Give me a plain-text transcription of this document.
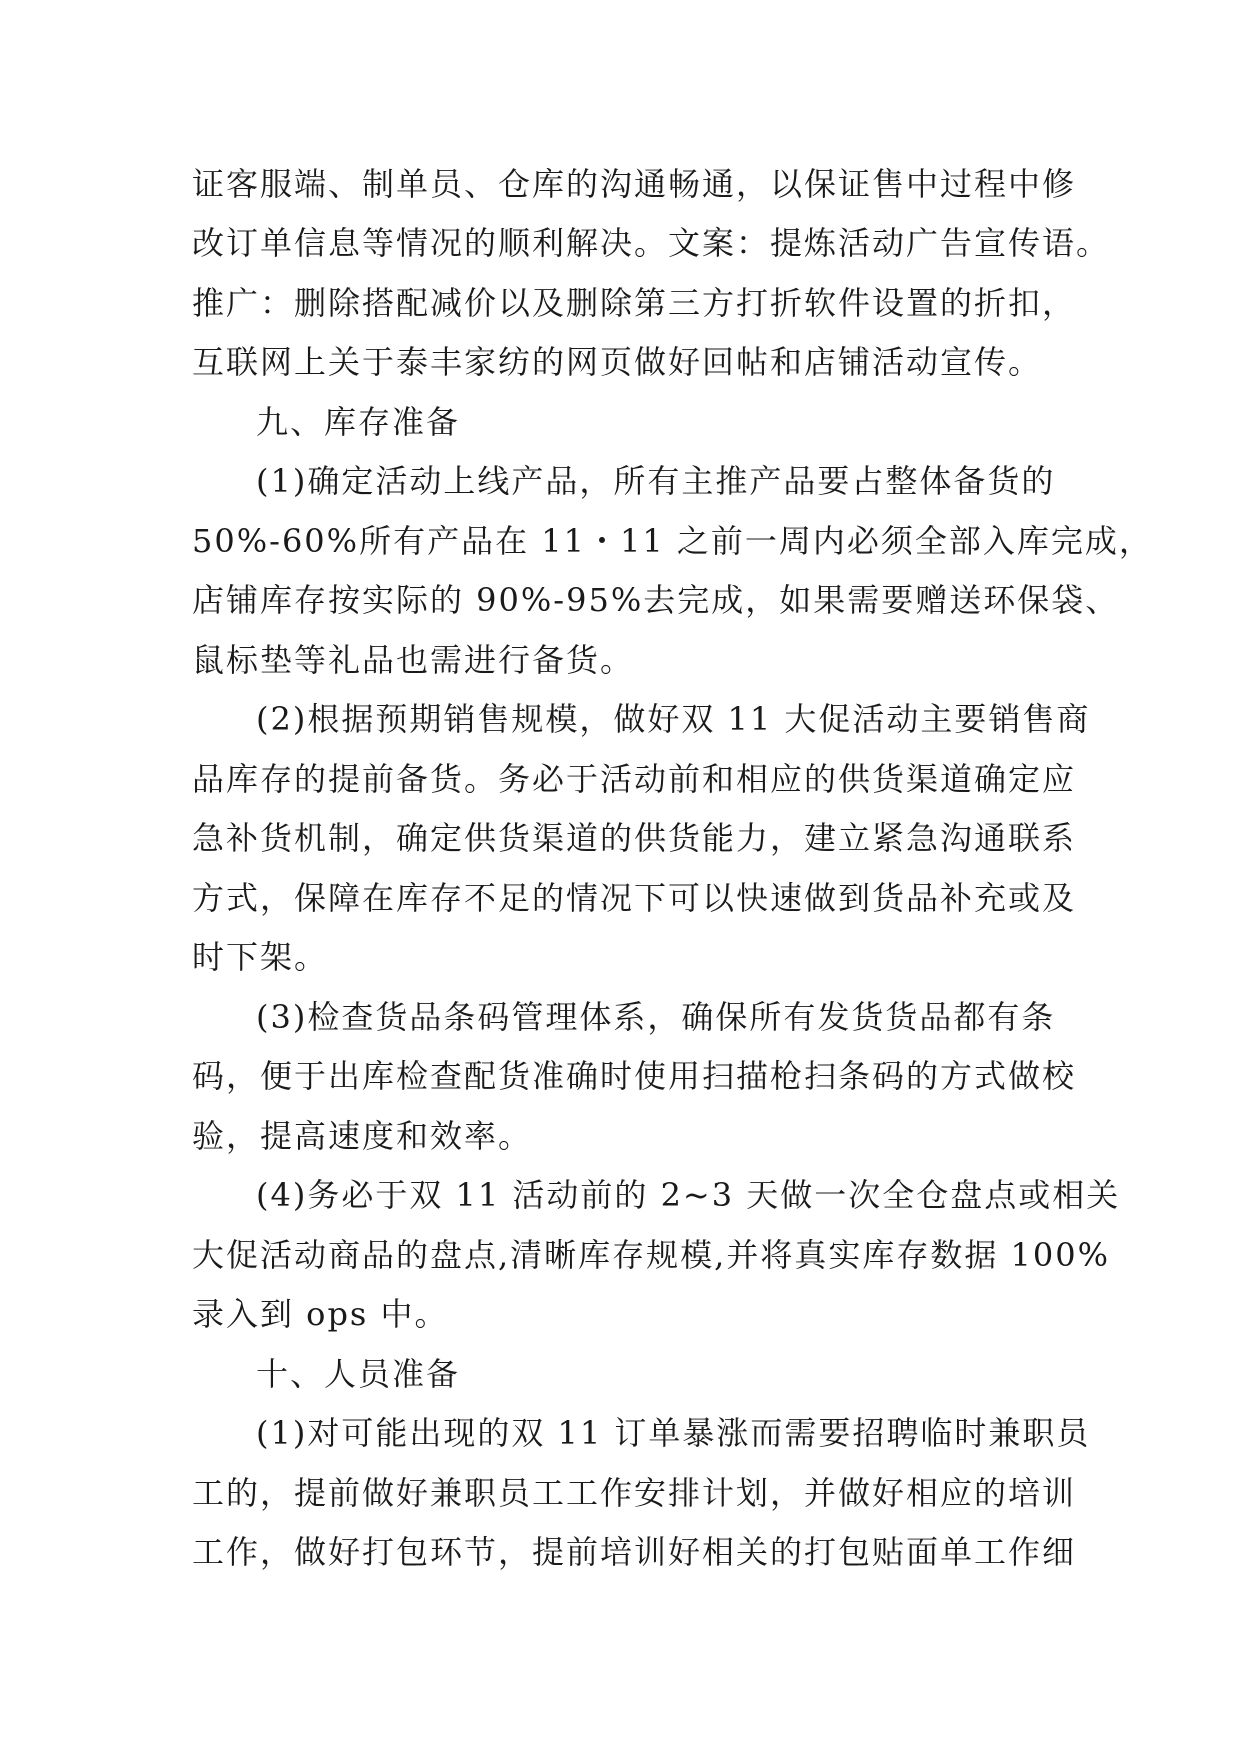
证客服端、制单员、仓库的沟通畅通，以保证售中过程中修
改订单信息等情况的顺利解决。文案：提炼活动广告宣传语。
推广：删除搭配减价以及删除第三方打折软件设置的折扣，
互联网上关于泰丰家纺的网页做好回帖和店铺活动宣传。
九、库存准备
(1)确定活动上线产品，所有主推产品要占整体备货的
50%-60%所有产品在 11・11 之前一周内必须全部入库完成，
店铺库存按实际的 90%-95%去完成，如果需要赠送环保袋、
鼠标垫等礼品也需进行备货。
(2)根据预期销售规模，做好双 11 大促活动主要销售商
品库存的提前备货。务必于活动前和相应的供货渠道确定应
急补货机制，确定供货渠道的供货能力，建立紧急沟通联系
方式，保障在库存不足的情况下可以快速做到货品补充或及
时下架。
(3)检查货品条码管理体系，确保所有发货货品都有条
码，便于出库检查配货准确时使用扫描枪扫条码的方式做校
验，提高速度和效率。
(4)务必于双 11 活动前的 2~3 天做一次全仓盘点或相关
大促活动商品的盘点,清晰库存规模,并将真实库存数据 100%
录入到 ops 中。
十、人员准备
(1)对可能出现的双 11 订单暴涨而需要招聘临时兼职员
工的，提前做好兼职员工工作安排计划，并做好相应的培训
工作，做好打包环节，提前培训好相关的打包贴面单工作细
